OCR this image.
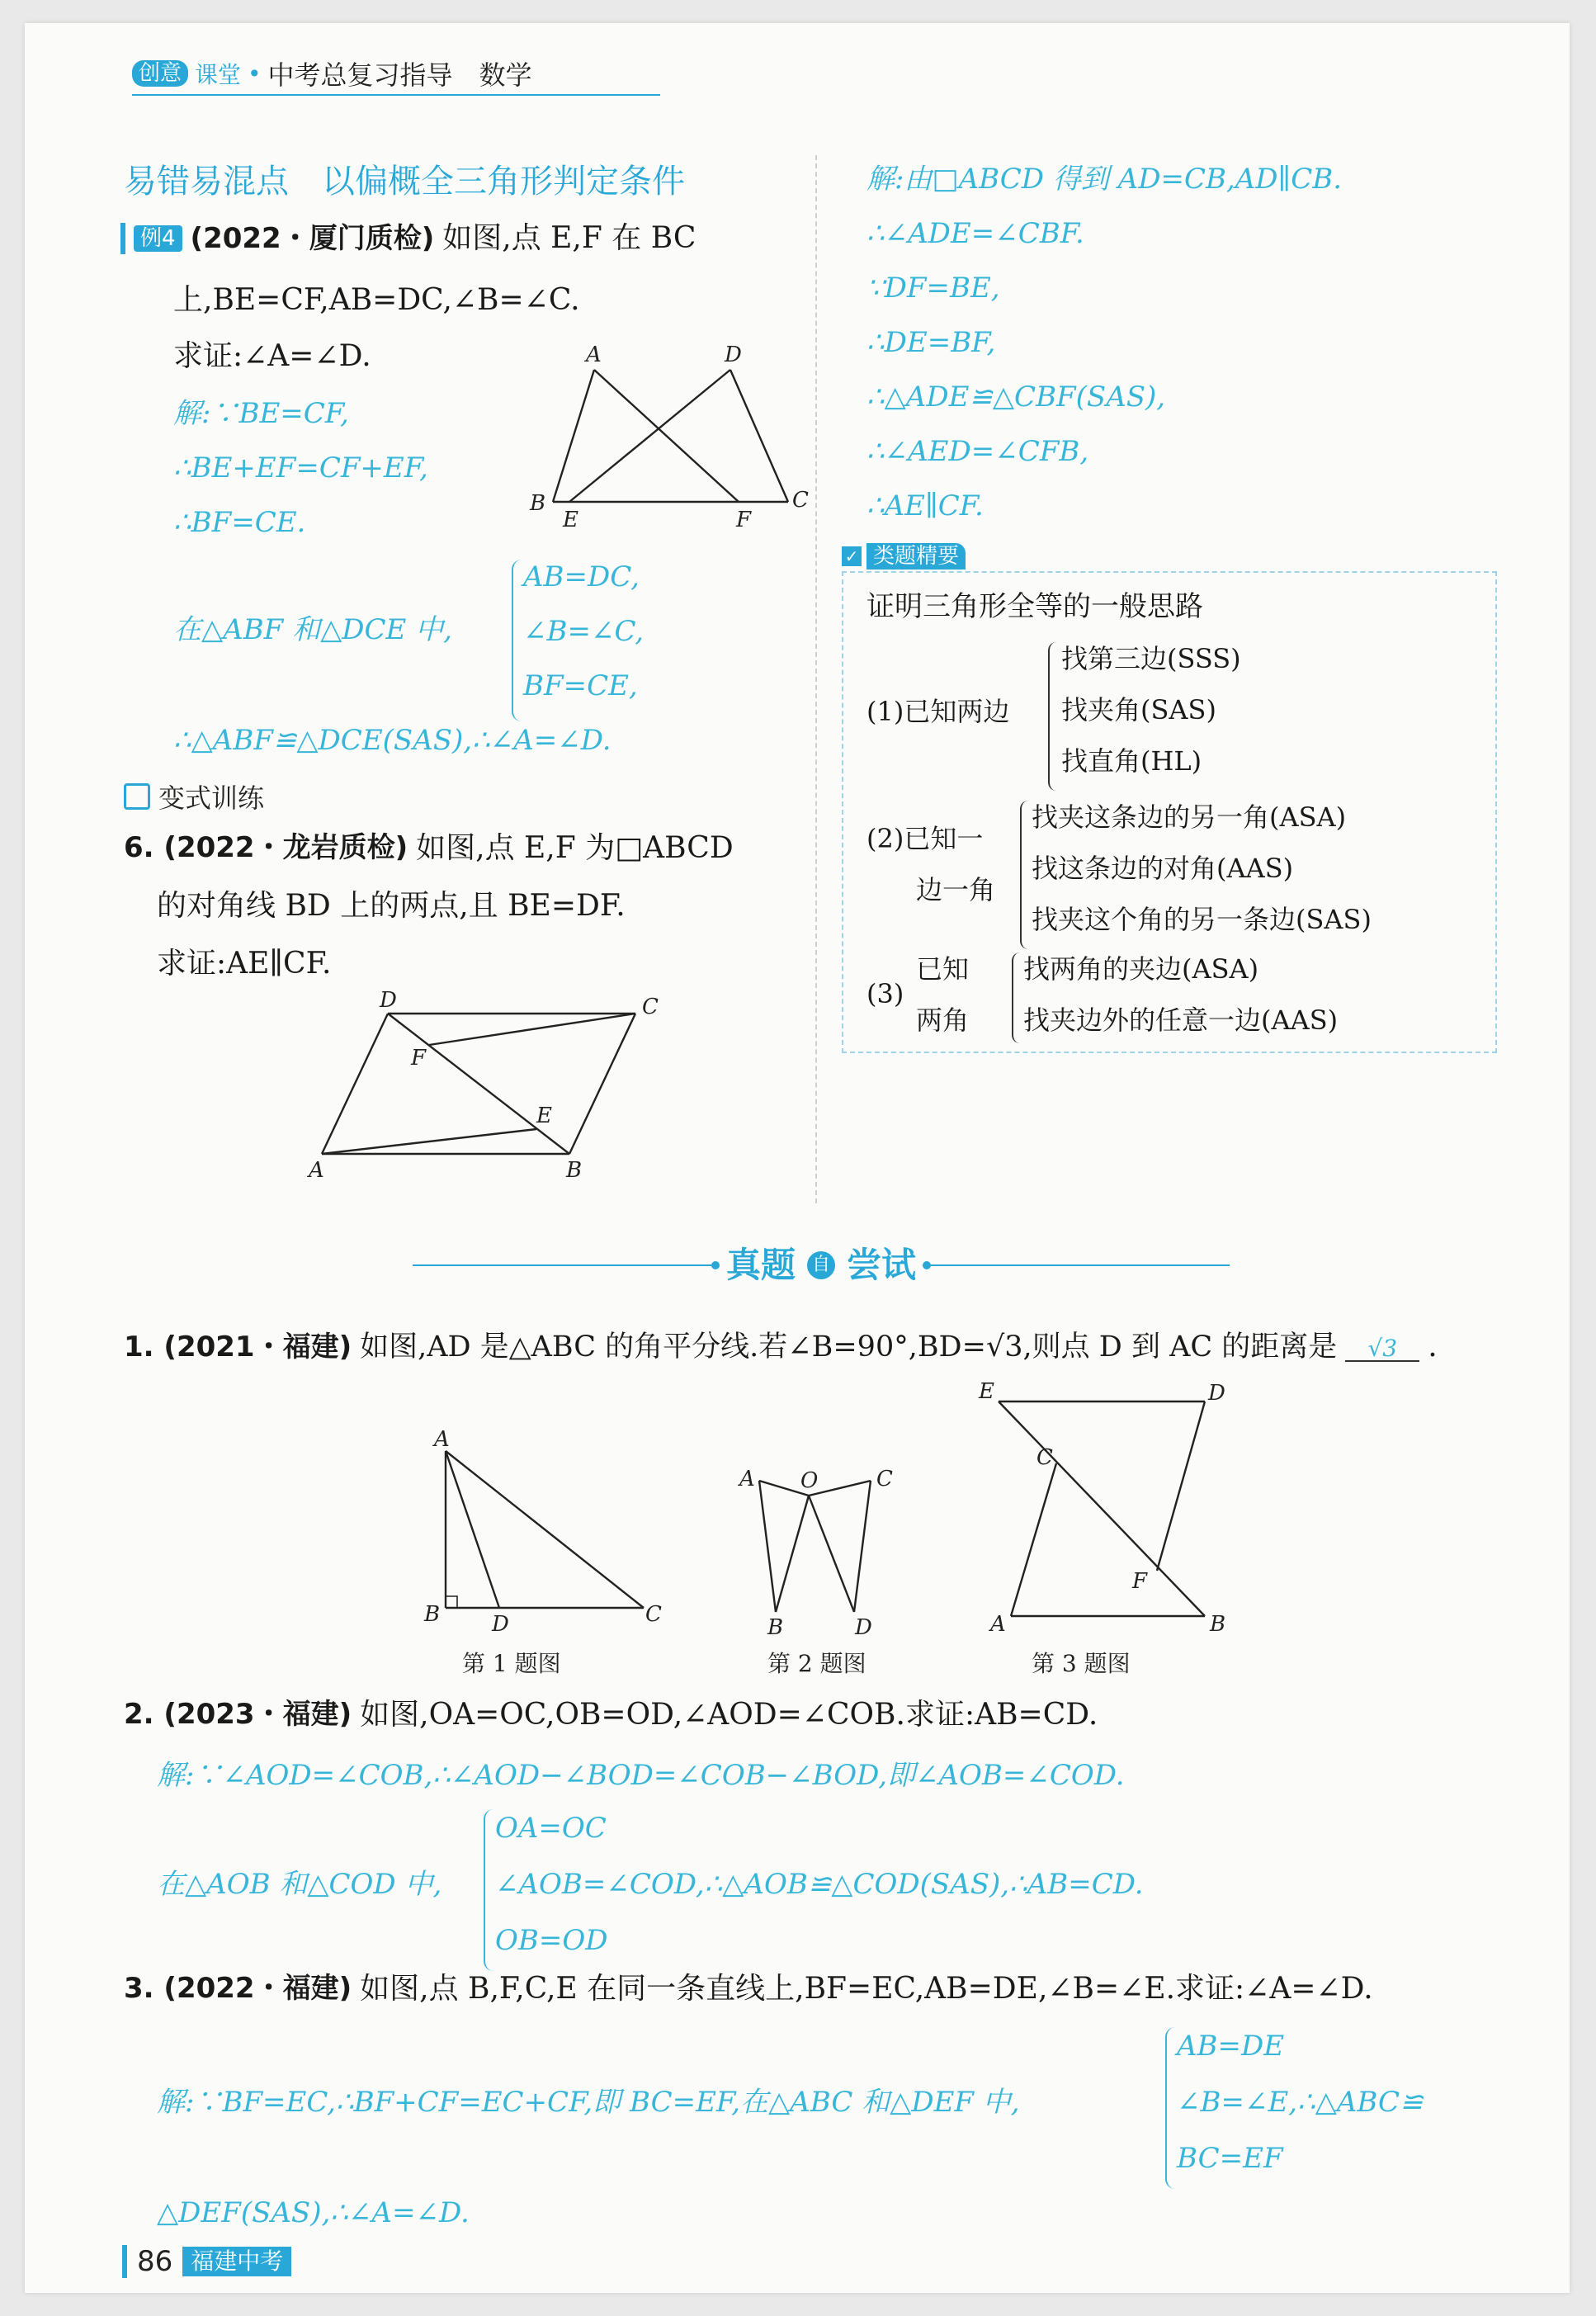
创意 课堂 • 中考总复习指导 数学
易错易混点　以偏概全三角形判定条件
例4 (2022・厦门质检) 如图,点 E,F 在 BC
上,BE=CF,AB=DC,∠B=∠C.
求证:∠A=∠D.
解:∵BE=CF,
∴BE+EF=CF+EF,
∴BF=CE.
在△ABF 和△DCE 中,
AB=DC,
∠B=∠C,
BF=CE,
∴△ABF≌△DCE(SAS),∴∠A=∠D.
A	D
B	C
E	F
变式训练
6. (2022・龙岩质检) 如图,点 E,F 为□ABCD
的对角线 BD 上的两点,且 BE=DF.
求证:AE∥CF.
D	C
F
E
A	B
解:由□ABCD 得到 AD=CB,AD∥CB.
∴∠ADE=∠CBF.
∵DF=BE,
∴DE=BF,
∴△ADE≌△CBF(SAS),
∴∠AED=∠CFB,
∴AE∥CF.
✓ 类题精要
证明三角形全等的一般思路
(1)已知两边
找第三边(SSS)
找夹角(SAS)
找直角(HL)
(2)已知一
边一角
找夹这条边的另一角(ASA)
找这条边的对角(AAS)
找夹这个角的另一条边(SAS)
(3)
已知
两角
找两角的夹边(ASA)
找夹边外的任意一边(AAS)
真题 自 尝试
1. (2021・福建) 如图,AD 是△ABC 的角平分线.若∠B=90°,BD=√3,则点 D 到 AC 的距离是	√3	.
A
B D	C
第 1 题图
A O	C
B	D
第 2 题图
E	D
C
F
A	B
第 3 题图
2. (2023・福建) 如图,OA=OC,OB=OD,∠AOD=∠COB.求证:AB=CD.
解:∵∠AOD=∠COB,∴∠AOD−∠BOD=∠COB−∠BOD,即∠AOB=∠COD.
在△AOB 和△COD 中,
OA=OC
∠AOB=∠COD,∴△AOB≌△COD(SAS),∴AB=CD.
OB=OD
3. (2022・福建) 如图,点 B,F,C,E 在同一条直线上,BF=EC,AB=DE,∠B=∠E.求证:∠A=∠D.
解:∵BF=EC,∴BF+CF=EC+CF,即 BC=EF,在△ABC 和△DEF 中,
AB=DE
∠B=∠E,∴△ABC≌
BC=EF
△DEF(SAS),∴∠A=∠D.
86 福建中考
